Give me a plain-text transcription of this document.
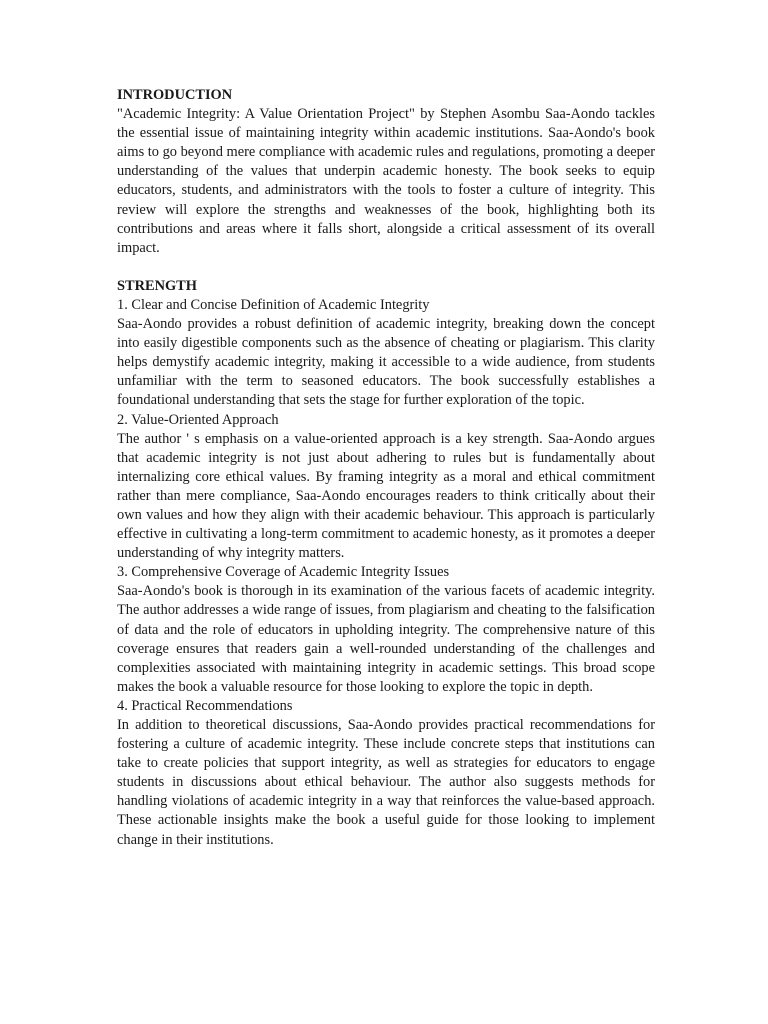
INTRODUCTION

"Academic Integrity: A Value Orientation Project" by Stephen Asombu Saa-Aondo tackles the essential issue of maintaining integrity within academic institutions. Saa-Aondo's book aims to go beyond mere compliance with academic rules and regulations, promoting a deeper understanding of the values that underpin academic honesty. The book seeks to equip educators, students, and administrators with the tools to foster a culture of integrity. This review will explore the strengths and weaknesses of the book, highlighting both its contributions and areas where it falls short, alongside a critical assessment of its overall impact.

STRENGTH

1. Clear and Concise Definition of Academic Integrity

Saa-Aondo provides a robust definition of academic integrity, breaking down the concept into easily digestible components such as the absence of cheating or plagiarism. This clarity helps demystify academic integrity, making it accessible to a wide audience, from students unfamiliar with the term to seasoned educators. The book successfully establishes a foundational understanding that sets the stage for further exploration of the topic.

2. Value-Oriented Approach

The author ' s emphasis on a value-oriented approach is a key strength. Saa-Aondo argues that academic integrity is not just about adhering to rules but is fundamentally about internalizing core ethical values. By framing integrity as a moral and ethical commitment rather than mere compliance, Saa-Aondo encourages readers to think critically about their own values and how they align with their academic behaviour. This approach is particularly effective in cultivating a long-term commitment to academic honesty, as it promotes a deeper understanding of why integrity matters.

3. Comprehensive Coverage of Academic Integrity Issues

Saa-Aondo's book is thorough in its examination of the various facets of academic integrity. The author addresses a wide range of issues, from plagiarism and cheating to the falsification of data and the role of educators in upholding integrity. The comprehensive nature of this coverage ensures that readers gain a well-rounded understanding of the challenges and complexities associated with maintaining integrity in academic settings. This broad scope makes the book a valuable resource for those looking to explore the topic in depth.

4. Practical Recommendations

In addition to theoretical discussions, Saa-Aondo provides practical recommendations for fostering a culture of academic integrity. These include concrete steps that institutions can take to create policies that support integrity, as well as strategies for educators to engage students in discussions about ethical behaviour. The author also suggests methods for handling violations of academic integrity in a way that reinforces the value-based approach. These actionable insights make the book a useful guide for those looking to implement change in their institutions.
